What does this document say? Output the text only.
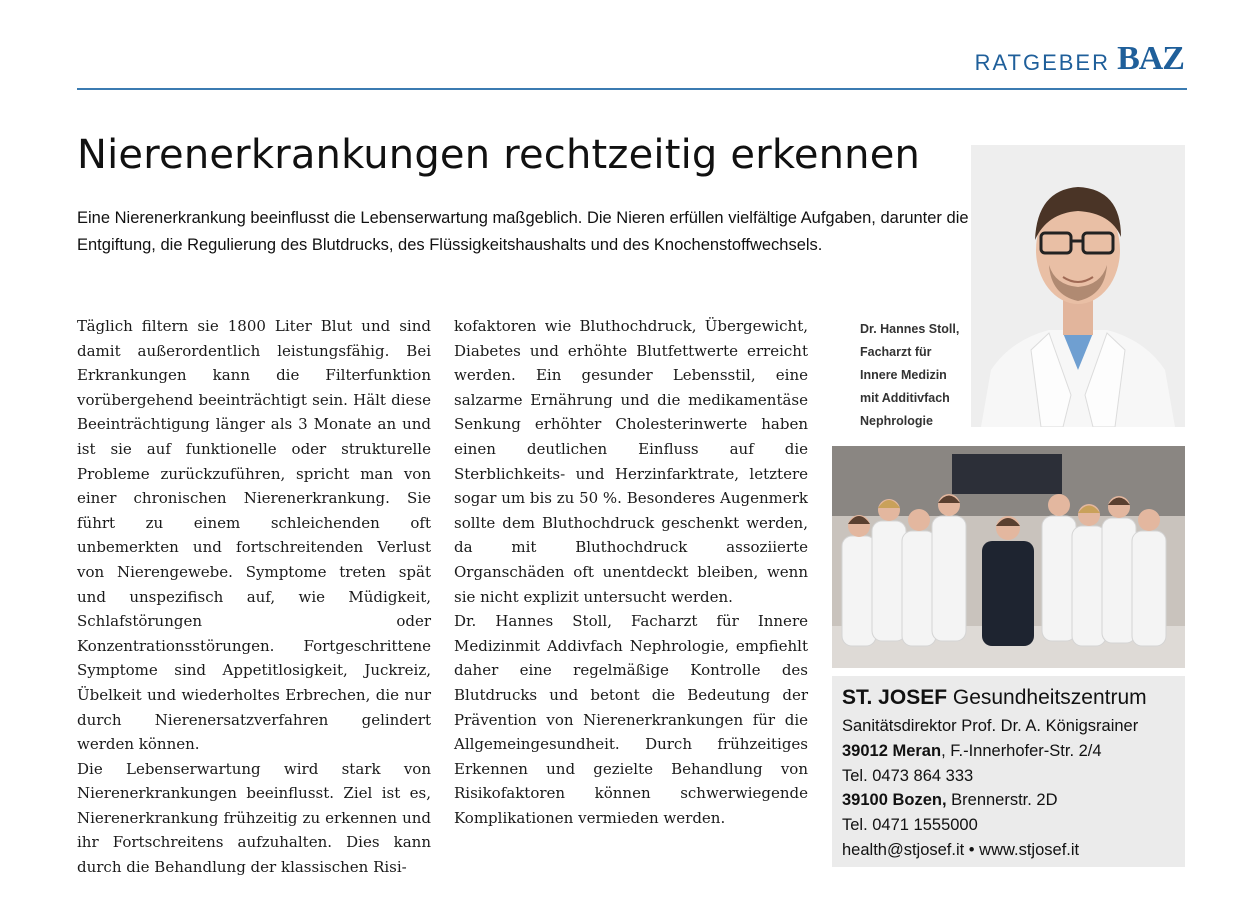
RATGEBER BAZ
Nierenerkrankungen rechtzeitig erkennen

Eine Nierenerkrankung beeinflusst die Lebenserwartung maßgeblich. Die Nieren erfüllen vielfältige Aufgaben, darunter die Entgiftung, die Regulierung des Blutdrucks, des Flüssigkeitshaushalts und des Knochenstoffwechsels.

Täglich filtern sie 1800 Liter Blut und sind damit außerordentlich leistungsfähig. Bei Erkrankungen kann die Filterfunktion vorübergehend beeinträchtigt sein. Hält diese Beeinträchtigung länger als 3 Monate an und ist sie auf funktionelle oder strukturelle Probleme zurückzuführen, spricht man von einer chronischen Nierenerkrankung. Sie führt zu einem schleichenden oft unbemerkten und fortschreitenden Verlust von Nierengewebe. Symptome treten spät und unspezifisch auf, wie Müdigkeit, Schlafstörungen oder Konzentrationsstörungen. Fortgeschrittene Symptome sind Appetitlosigkeit, Juckreiz, Übelkeit und wiederholtes Erbrechen, die nur durch Nierenersatzverfahren gelindert werden können.

Die Lebenserwartung wird stark von Nierenerkrankungen beeinflusst. Ziel ist es, Nierenerkrankung frühzeitig zu erkennen und ihr Fortschreitens aufzuhalten. Dies kann durch die Behandlung der klassischen Risi-

kofaktoren wie Bluthochdruck, Übergewicht, Diabetes und erhöhte Blutfettwerte erreicht werden. Ein gesunder Lebensstil, eine salzarme Ernährung und die medikamentäse Senkung erhöhter Cholesterinwerte haben einen deutlichen Einfluss auf die Sterblichkeits- und Herzinfarktrate, letztere sogar um bis zu 50 %. Besonderes Augenmerk sollte dem Bluthochdruck geschenkt werden, da mit Bluthochdruck assoziierte Organschäden oft unentdeckt bleiben, wenn sie nicht explizit untersucht werden.

Dr. Hannes Stoll, Facharzt für Innere Medizinmit Addivfach Nephrologie, empfiehlt daher eine regelmäßige Kontrolle des Blutdrucks und betont die Bedeutung der Prävention von Nierenerkrankungen für die Allgemeingesundheit. Durch frühzeitiges Erkennen und gezielte Behandlung von Risikofaktoren können schwerwiegende Komplikationen vermieden werden.

Dr. Hannes Stoll,
Facharzt für
Innere Medizin
mit Additivfach
Nephrologie
ST. JOSEF Gesundheitszentrum
Sanitätsdirektor Prof. Dr. A. Königsrainer
39012 Meran, F.-Innerhofer-Str. 2/4
Tel. 0473 864 333
39100 Bozen, Brennerstr. 2D
Tel. 0471 1555000
health@stjosef.it • www.stjosef.it
